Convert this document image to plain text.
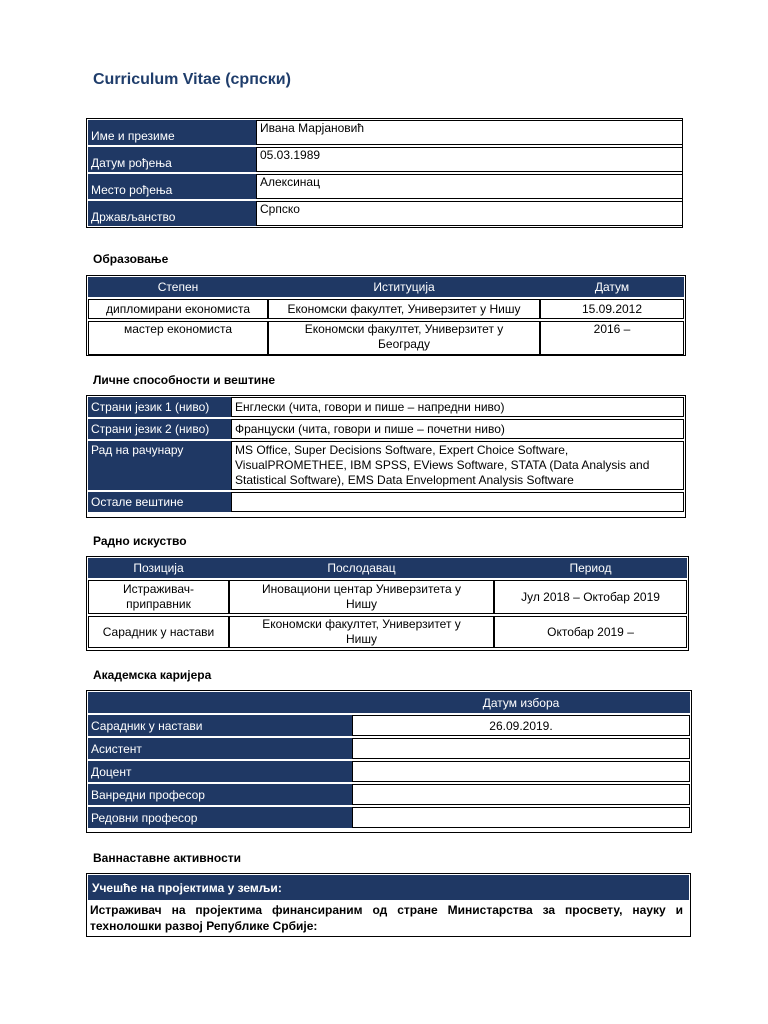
Curriculum Vitae (српски)
Име и презиме	Ивана Марјановић
Датум рођења	05.03.1989
Место рођења	Алексинац
Држављанство	Српско
Образовање
Степен	Иституција	Датум
дипломирани економиста	Економски факултет, Универзитет у Нишу	15.09.2012
мастер економиста	Економски факултет, Универзитет у Београду	2016 –
Личне способности и вештине
Страни језик 1 (ниво)	Енглески (чита, говори и пише – напредни ниво)
Страни језик 2 (ниво)	Француски (чита, говори и пише – почетни ниво)
Рад на рачунару	MS Office, Super Decisions Software, Expert Choice Software, VisualPROMETHEE, IBM SPSS, EViews Software, STATA (Data Analysis and Statistical Software), EMS Data Envelopment Analysis Software
Остале вештине	
Радно искуство
Позиција	Послодавац	Период
Истраживач-приправник	Иновациони центар Универзитета у Нишу	Јул 2018 – Октобар 2019
Сарадник у настави	Економски факултет, Универзитет у Нишу	Октобар 2019 –
Академска каријера
	Датум избора
Сарадник у настави	26.09.2019.
Асистент	
Доцент	
Ванредни професор	
Редовни професор	
Ваннаставне активности
Учешће на пројектима у земљи:
Истраживач на пројектима финансираним од стране Министарства за просвету, науку и технолошки развој Републике Србије:
